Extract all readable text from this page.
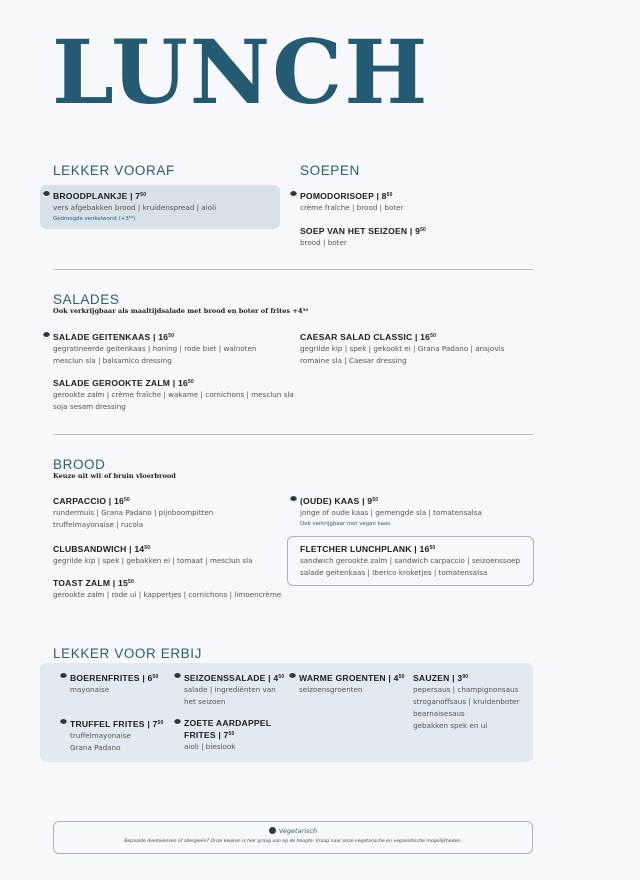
LUNCH
LEKKER VOORAF	SOEPEN
SALADES
Ook verkrijgbaar als maaltijdsalade met brood en boter of frites +4⁵⁰
BROOD
Keuze uit wit of bruin vloerbrood
LEKKER VOOR ERBIJ
BROODPLANKJE | $7^{50}$
vers afgebakken brood | kruidenspread | aioli
Gedroogde venkelworst (+3⁵⁰)
POMODORISOEP | $8^{50}$
crème fraîche | brood | boter
SOEP VAN HET SEIZOEN | $9^{50}$
brood | boter
SALADE GEITENKAAS | $16^{50}$
gegratineerde geitenkaas | honing | rode biet | walnoten
mesclun sla | balsamico dressing
SALADE GEROOKTE ZALM | $16^{50}$
gerookte zalm | crème fraîche | wakame | cornichons | mesclun sla
soja sesam dressing
CAESAR SALAD CLASSIC | $16^{50}$
gegrilde kip | spek | gekookt ei | Grana Padano | ansjovis
romaine sla | Caesar dressing
CARPACCIO | $16^{50}$
rundermuis | Grana Padano | pijnboompitten
truffelmayonaise | rucola
CLUBSANDWICH | $14^{50}$
gegrilde kip | spek | gebakken ei | tomaat | mesclun sla
TOAST ZALM | $15^{50}$
gerookte zalm | rode ui | kappertjes | cornichons | limoencrème
(OUDE) KAAS | $9^{50}$
jonge of oude kaas | gemengde sla | tomatensalsa
Ook verkrijgbaar met vegan kaas
FLETCHER LUNCHPLANK | $16^{50}$
sandwich gerookte zalm | sandwich carpaccio | seizoenssoep
salade geitenkaas | Iberico kroketjes | tomatensalsa
BOERENFRITES | $6^{50}$
mayonaise
SEIZOENSSALADE | $4^{50}$
salade | ingrediënten van
het seizoen
WARME GROENTEN | $4^{50}$
seizoensgroenten
SAUZEN | $3^{90}$
pepersaus | champignonsaus
stroganoffsaus | kruidenboter
bearnaisesaus
gebakken spek en ui
TRUFFEL FRITES | $7^{50}$
truffelmayonaise
Grana Padano
ZOETE AARDAPPEL
FRITES | $7^{50}$
aioli | bieslook
Vegetarisch
Bepaalde dieetwensen of allergieën? Onze keuken is hier graag van op de hoogte. Vraag naar onze vegetarische en veganistische mogelijkheden.
